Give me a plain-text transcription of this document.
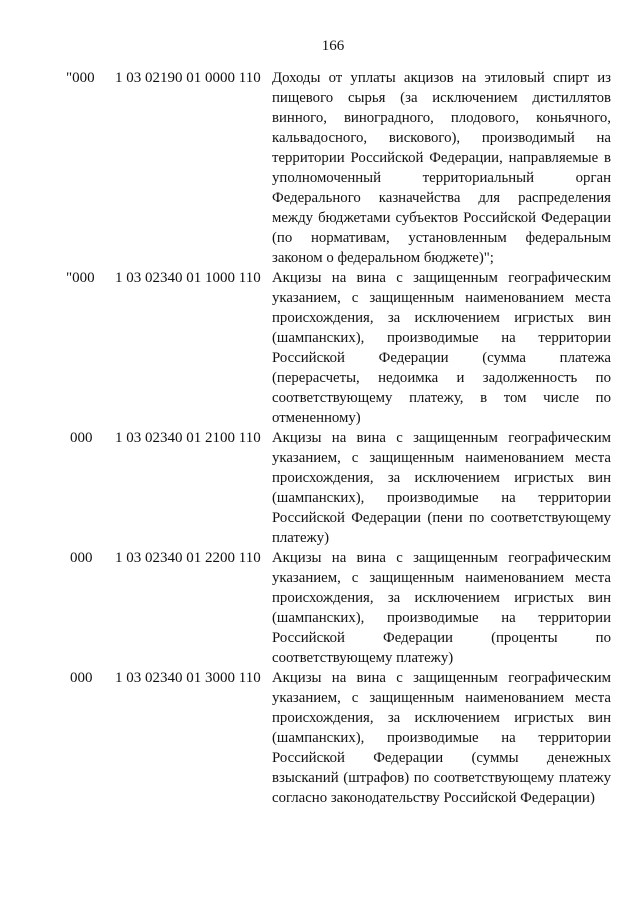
166
"000 1 03 02190 01 0000 110 Доходы от уплаты акцизов на этиловый спирт из
пищевого сырья (за исключением дистиллятов
винного, виноградного, плодового, коньячного,
кальвадосного, вискового), производимый на
территории Российской Федерации, направляемые в
уполномоченный территориальный орган
Федерального казначейства для распределения
между бюджетами субъектов Российской Федерации
(по нормативам, установленным федеральным
законом о федеральном бюджете)";
"000 1 03 02340 01 1000 110 Акцизы на вина с защищенным географическим
указанием, с защищенным наименованием места
происхождения, за исключением игристых вин
(шампанских), производимые на территории
Российской Федерации (сумма платежа
(перерасчеты, недоимка и задолженность по
соответствующему платежу, в том числе по
отмененному)
000 1 03 02340 01 2100 110 Акцизы на вина с защищенным географическим
указанием, с защищенным наименованием места
происхождения, за исключением игристых вин
(шампанских), производимые на территории
Российской Федерации (пени по соответствующему
платежу)
000 1 03 02340 01 2200 110 Акцизы на вина с защищенным географическим
указанием, с защищенным наименованием места
происхождения, за исключением игристых вин
(шампанских), производимые на территории
Российской Федерации (проценты по
соответствующему платежу)
000 1 03 02340 01 3000 110 Акцизы на вина с защищенным географическим
указанием, с защищенным наименованием места
происхождения, за исключением игристых вин
(шампанских), производимые на территории
Российской Федерации (суммы денежных
взысканий (штрафов) по соответствующему платежу
согласно законодательству Российской Федерации)
